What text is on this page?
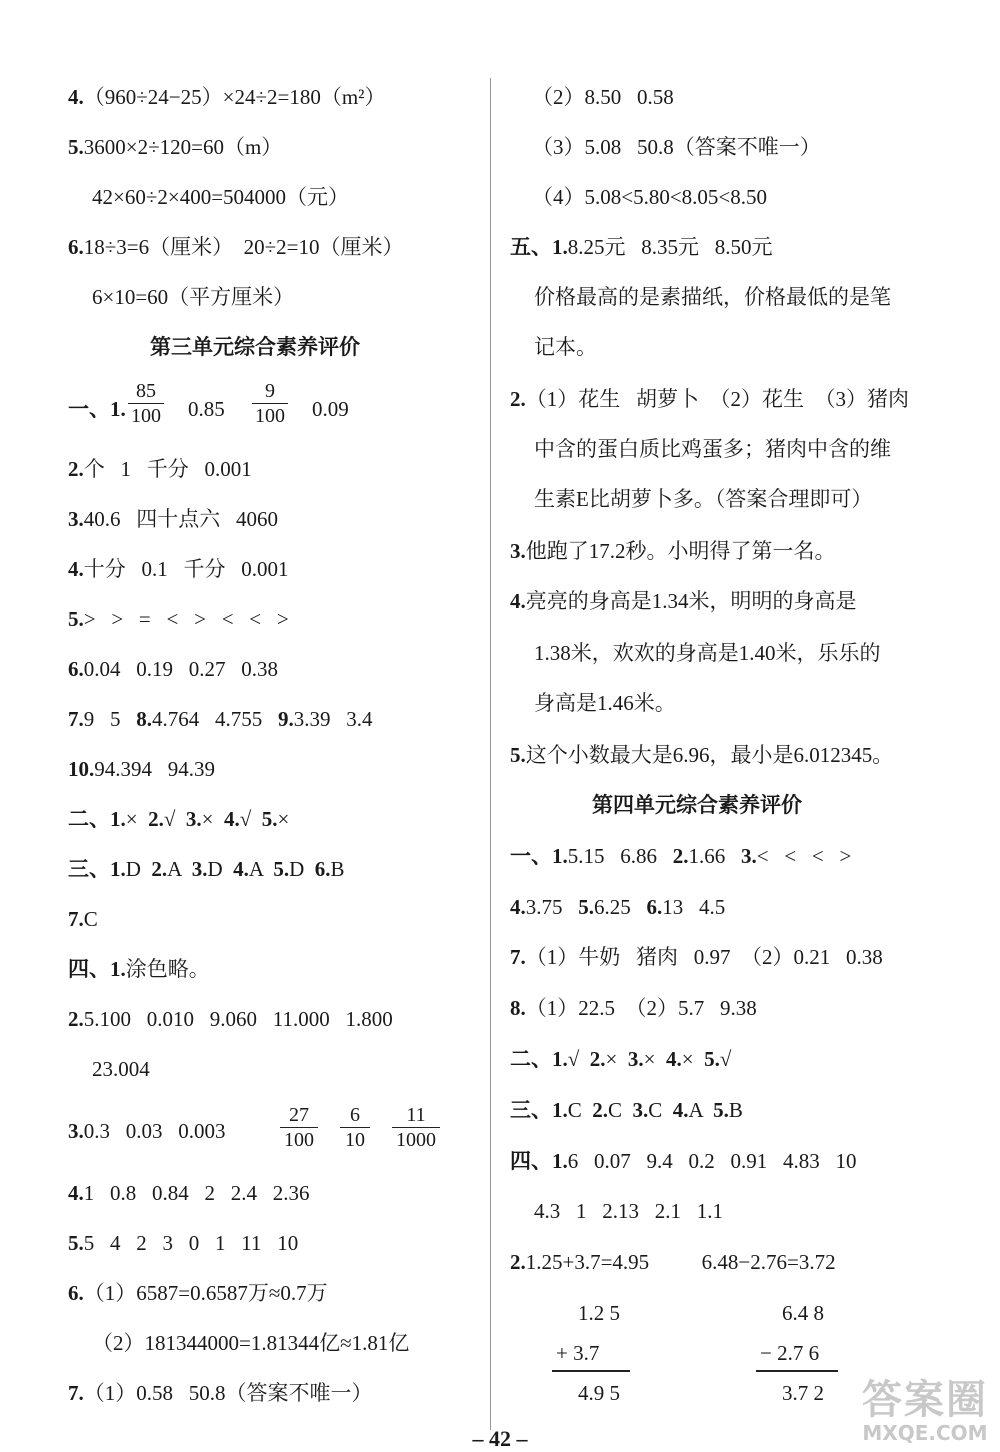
4.（960÷24−25）×24÷2=180（m²）
5.3600×2÷120=60（m）
42×60÷2×400=504000（元）
6.18÷3=6（厘米）  20÷2=10（厘米）
6×10=60（平方厘米）
第三单元综合素养评价
一、1.
85
100 0.85
9
100 0.09
2.个   1   千分   0.001
3.40.6   四十点六   4060
4.十分   0.1   千分   0.001
5.>   >   =   <   >   <   <   >
6.0.04   0.19   0.27   0.38
7.9   5   8.4.764   4.755   9.3.39   3.4
10.94.394   94.39
二、1.×  2.√  3.×  4.√  5.×
三、1.D  2.A  3.D  4.A  5.D  6.B
7.C
四、1.涂色略。
2.5.100   0.010   9.060   11.000   1.800
23.004
3.0.3   0.03   0.003
27
100
6
10
11
1000
4.1   0.8   0.84   2   2.4   2.36
5.5   4   2   3   0   1   11   10
6.（1）6587=0.6587万≈0.7万
（2）181344000=1.81344亿≈1.81亿
7.（1）0.58   50.8（答案不唯一）
（2）8.50   0.58
（3）5.08   50.8（答案不唯一）
（4）5.08<5.80<8.05<8.50
五、1.8.25元   8.35元   8.50元
价格最高的是素描纸，价格最低的是笔
记本。
2.（1）花生   胡萝卜  （2）花生  （3）猪肉
中含的蛋白质比鸡蛋多；猪肉中含的维
生素E比胡萝卜多。（答案合理即可）
3.他跑了17.2秒。小明得了第一名。
4.亮亮的身高是1.34米，明明的身高是
1.38米，欢欢的身高是1.40米，乐乐的
身高是1.46米。
5.这个小数最大是6.96，最小是6.012345。
第四单元综合素养评价
一、1.5.15   6.86   2.1.66   3.<   <   <   >
4.3.75   5.6.25   6.13   4.5
7.（1）牛奶   猪肉   0.97  （2）0.21   0.38
8.（1）22.5  （2）5.7   9.38
二、1.√  2.×  3.×  4.×  5.√
三、1.C  2.C  3.C  4.A  5.B
四、1.6   0.07   9.4   0.2   0.91   4.83   10
4.3   1   2.13   2.1   1.1
2.1.25+3.7=4.95          6.48−2.76=3.72
1.2 5
+ 3.7
4.9 5
6.4 8
− 2.7 6
3.7 2
– 42 –
答案圈
MXQE.COM
